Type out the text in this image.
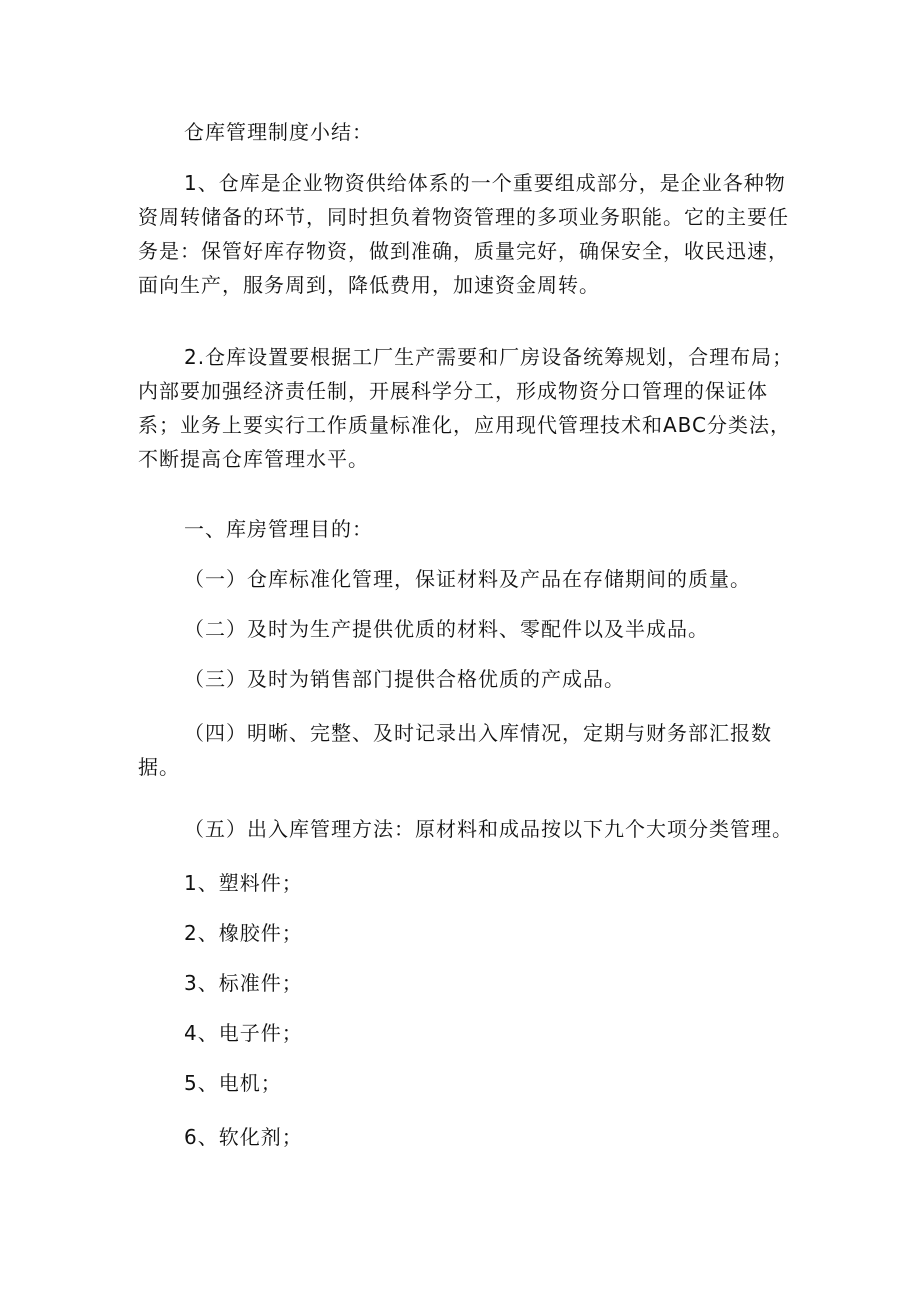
仓库管理制度小结：

1、仓库是企业物资供给体系的一个重要组成部分，是企业各种物资周转储备的环节，同时担负着物资管理的多项业务职能。它的主要任务是：保管好库存物资，做到准确，质量完好，确保安全，收民迅速，面向生产，服务周到，降低费用，加速资金周转。

2.仓库设置要根据工厂生产需要和厂房设备统筹规划，合理布局；内部要加强经济责任制，开展科学分工，形成物资分口管理的保证体系；业务上要实行工作质量标准化，应用现代管理技术和ABC分类法，不断提高仓库管理水平。

一、库房管理目的：

（一）仓库标准化管理，保证材料及产品在存储期间的质量。

（二）及时为生产提供优质的材料、零配件以及半成品。

（三）及时为销售部门提供合格优质的产成品。

（四）明晰、完整、及时记录出入库情况，定期与财务部汇报数据。

（五）出入库管理方法：原材料和成品按以下九个大项分类管理。

1、塑料件；

2、橡胶件；

3、标准件；

4、电子件；

5、电机；

6、软化剂；
